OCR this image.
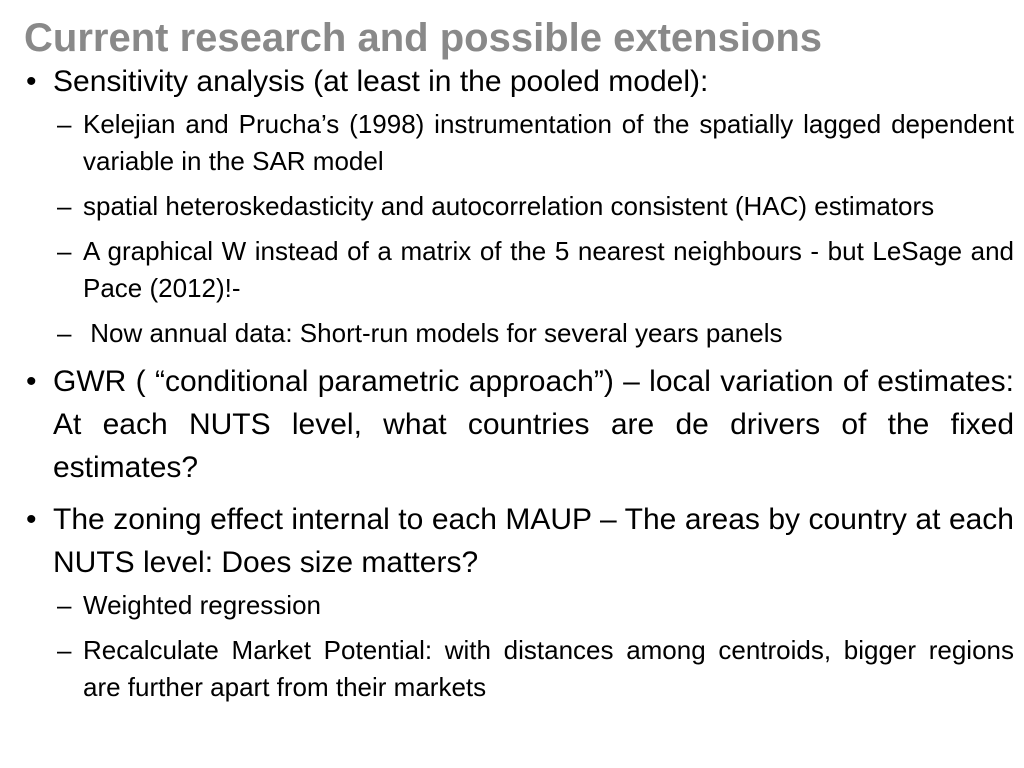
Current research and possible extensions
• Sensitivity analysis (at least in the pooled model):
– Kelejian and Prucha’s (1998) instrumentation of the spatially lagged dependent variable in the SAR model
– spatial heteroskedasticity and autocorrelation consistent (HAC) estimators
– A graphical W instead of a matrix of the 5 nearest neighbours - but LeSage and Pace (2012)!-
– Now annual data: Short-run models for several years panels
• GWR ( “conditional parametric approach”) – local variation of estimates: At each NUTS level, what countries are de drivers of the fixed estimates?
• The zoning effect internal to each MAUP – The areas by country at each NUTS level: Does size matters?
– Weighted regression
– Recalculate Market Potential: with distances among centroids, bigger regions are further apart from their markets
